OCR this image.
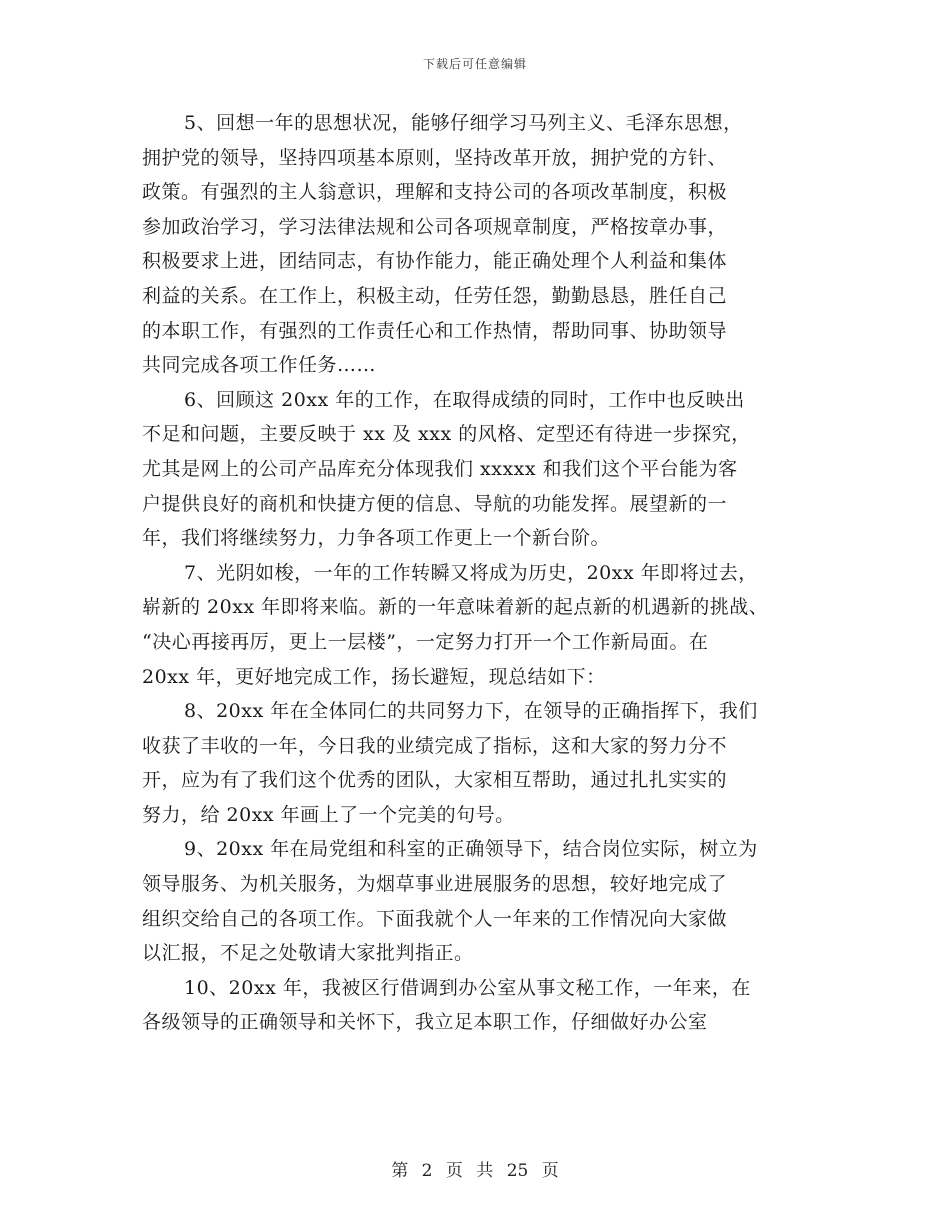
下载后可任意编辑
5、回想一年的思想状况，能够仔细学习马列主义、毛泽东思想，
拥护党的领导，坚持四项基本原则，坚持改革开放，拥护党的方针、
政策。有强烈的主人翁意识，理解和支持公司的各项改革制度，积极
参加政治学习，学习法律法规和公司各项规章制度，严格按章办事，
积极要求上进，团结同志，有协作能力，能正确处理个人利益和集体
利益的关系。在工作上，积极主动，任劳任怨，勤勤恳恳，胜任自己
的本职工作，有强烈的工作责任心和工作热情，帮助同事、协助领导
共同完成各项工作任务……
6、回顾这 20xx 年的工作，在取得成绩的同时，工作中也反映出
不足和问题，主要反映于 xx 及 xxx 的风格、定型还有待进一步探究，
尤其是网上的公司产品库充分体现我们 xxxxx 和我们这个平台能为客
户提供良好的商机和快捷方便的信息、导航的功能发挥。展望新的一
年，我们将继续努力，力争各项工作更上一个新台阶。
7、光阴如梭，一年的工作转瞬又将成为历史，20xx 年即将过去，
崭新的 20xx 年即将来临。新的一年意味着新的起点新的机遇新的挑战、
“决心再接再厉，更上一层楼”，一定努力打开一个工作新局面。在
20xx 年，更好地完成工作，扬长避短，现总结如下：
8、20xx 年在全体同仁的共同努力下，在领导的正确指挥下，我们
收获了丰收的一年，今日我的业绩完成了指标，这和大家的努力分不
开，应为有了我们这个优秀的团队，大家相互帮助，通过扎扎实实的
努力，给 20xx 年画上了一个完美的句号。
9、20xx 年在局党组和科室的正确领导下，结合岗位实际，树立为
领导服务、为机关服务，为烟草事业进展服务的思想，较好地完成了
组织交给自己的各项工作。下面我就个人一年来的工作情况向大家做
以汇报，不足之处敬请大家批判指正。
10、20xx 年，我被区行借调到办公室从事文秘工作，一年来，在
各级领导的正确领导和关怀下，我立足本职工作，仔细做好办公室
第 2 页 共 25 页
